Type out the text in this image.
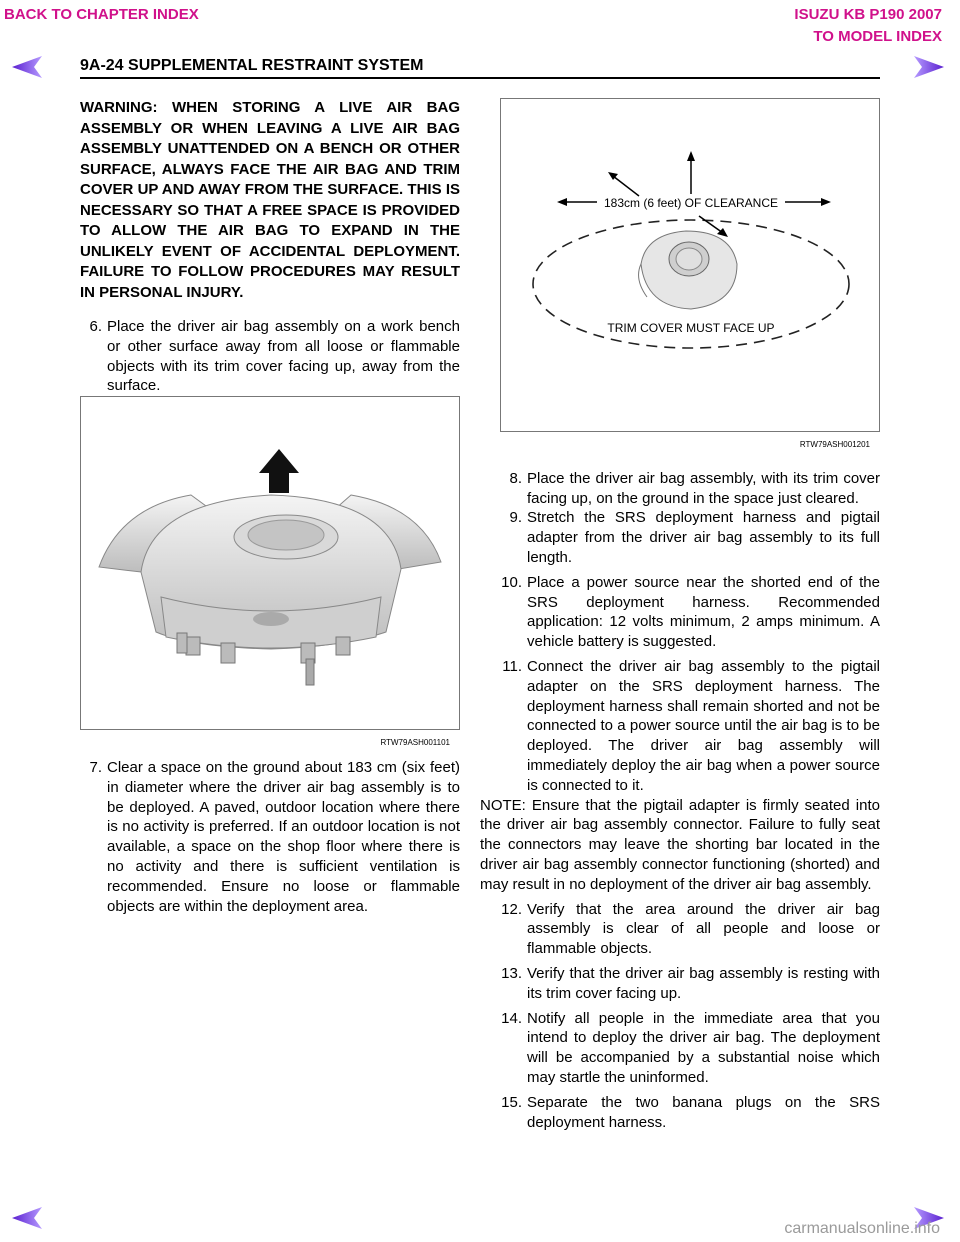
BACK TO CHAPTER INDEX	ISUZU KB P190 2007
TO MODEL INDEX
9A-24 SUPPLEMENTAL RESTRAINT SYSTEM

WARNING: WHEN STORING A LIVE AIR BAG ASSEMBLY OR WHEN LEAVING A LIVE AIR BAG ASSEMBLY UNATTENDED ON A BENCH OR OTHER SURFACE, ALWAYS FACE THE AIR BAG AND TRIM COVER UP AND AWAY FROM THE SURFACE. THIS IS NECESSARY SO THAT A FREE SPACE IS PROVIDED TO ALLOW THE AIR BAG TO EXPAND IN THE UNLIKELY EVENT OF ACCIDENTAL DEPLOYMENT. FAILURE TO FOLLOW PROCEDURES MAY RESULT IN PERSONAL INJURY.

6. Place the driver air bag assembly on a work bench or other surface away from all loose or flammable objects with its trim cover facing up, away from the surface.
RTW79ASH001101
7. Clear a space on the ground about 183 cm (six feet) in diameter where the driver air bag assembly is to be deployed. A paved, outdoor location where there is no activity is preferred. If an outdoor location is not available, a space on the shop floor where there is no activity and there is sufficient ventilation is recommended. Ensure no loose or flammable objects are within the deployment area.
183cm (6 feet) OF CLEARANCE
TRIM COVER MUST FACE UP
RTW79ASH001201
8. Place the driver air bag assembly, with its trim cover facing up, on the ground in the space just cleared.
9. Stretch the SRS deployment harness and pigtail adapter from the driver air bag assembly to its full length.
10. Place a power source near the shorted end of the SRS deployment harness. Recommended application: 12 volts minimum, 2 amps minimum. A vehicle battery is suggested.
11. Connect the driver air bag assembly to the pigtail adapter on the SRS deployment harness. The deployment harness shall remain shorted and not be connected to a power source until the air bag is to be deployed. The driver air bag assembly will immediately deploy the air bag when a power source is connected to it.

NOTE: Ensure that the pigtail adapter is firmly seated into the driver air bag assembly connector. Failure to fully seat the connectors may leave the shorting bar located in the driver air bag assembly connector functioning (shorted) and may result in no deployment of the driver air bag assembly.

12. Verify that the area around the driver air bag assembly is clear of all people and loose or flammable objects.
13. Verify that the driver air bag assembly is resting with its trim cover facing up.
14. Notify all people in the immediate area that you intend to deploy the driver air bag. The deployment will be accompanied by a substantial noise which may startle the uninformed.
15. Separate the two banana plugs on the SRS deployment harness.
carmanualsonline.info
